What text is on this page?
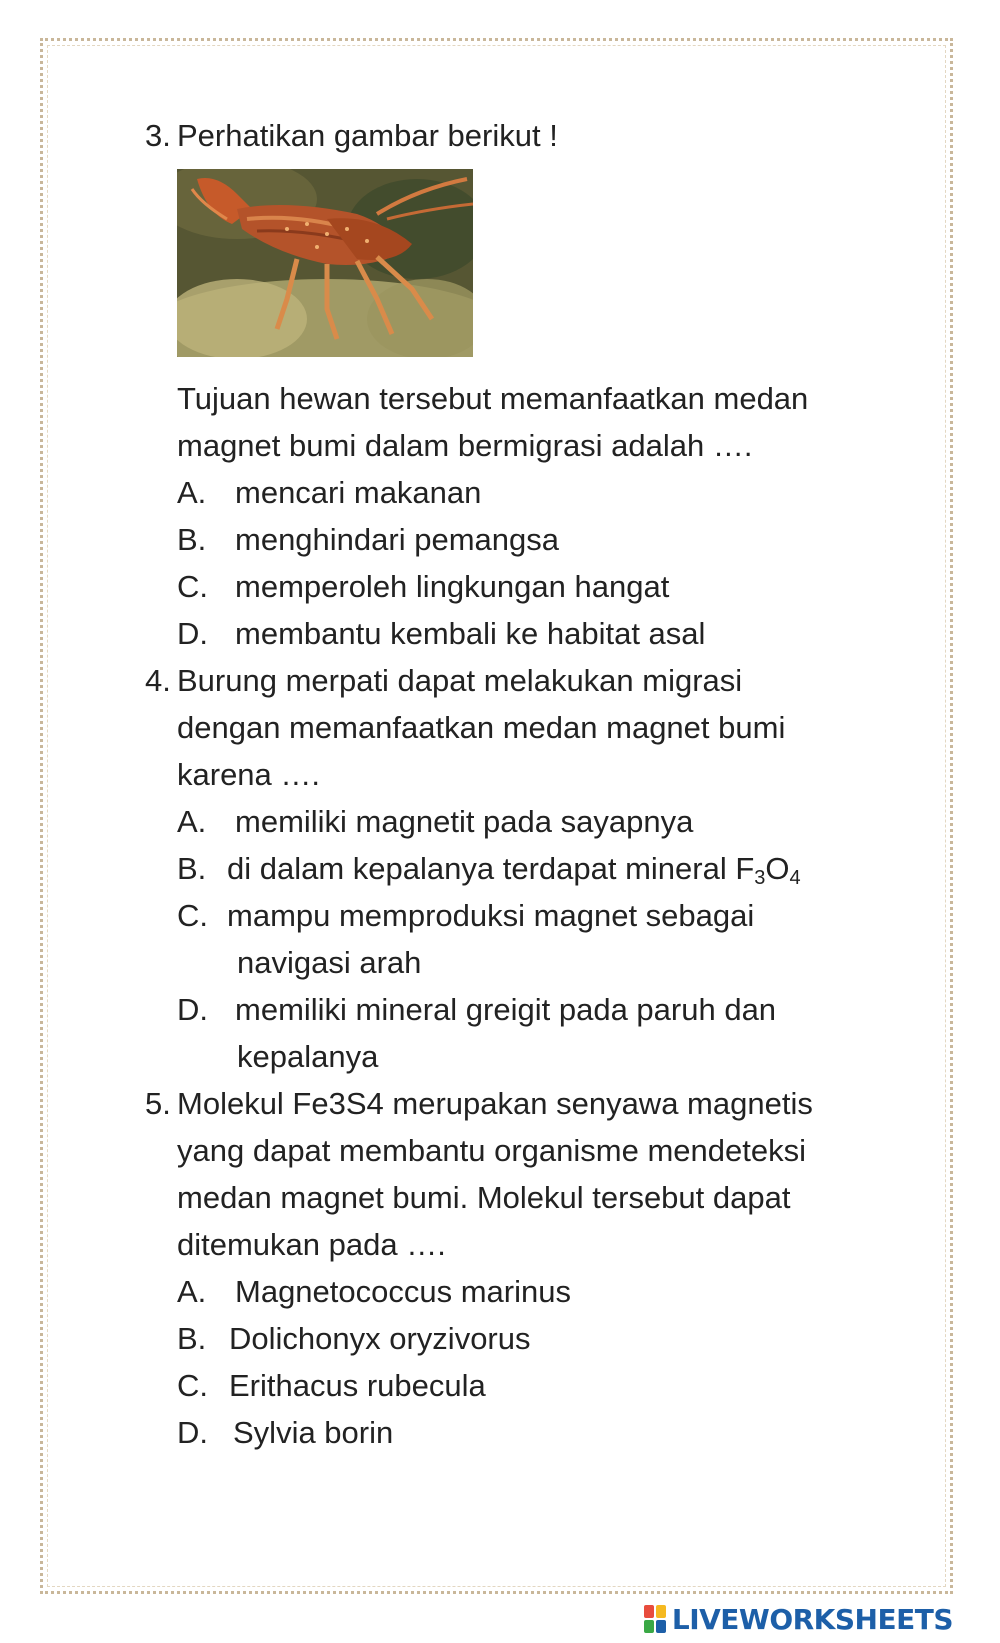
3. Perhatikan gambar berikut !
Tujuan hewan tersebut memanfaatkan medan
magnet bumi dalam bermigrasi adalah ….
A. mencari makanan
B. menghindari pemangsa
C. memperoleh lingkungan hangat
D. membantu kembali ke habitat asal
4. Burung merpati dapat melakukan migrasi
dengan memanfaatkan medan magnet bumi
karena ….
A. memiliki magnetit pada sayapnya
B. di dalam kepalanya terdapat mineral $F_3O_4$
C. mampu memproduksi magnet sebagai
navigasi arah
D. memiliki mineral greigit pada paruh dan
kepalanya
5. Molekul Fe3S4 merupakan senyawa magnetis
yang dapat membantu organisme mendeteksi
medan magnet bumi. Molekul tersebut dapat
ditemukan pada ….
A. Magnetococcus marinus
B. Dolichonyx oryzivorus
C. Erithacus rubecula
D. Sylvia borin
LIVEWORKSHEETS
